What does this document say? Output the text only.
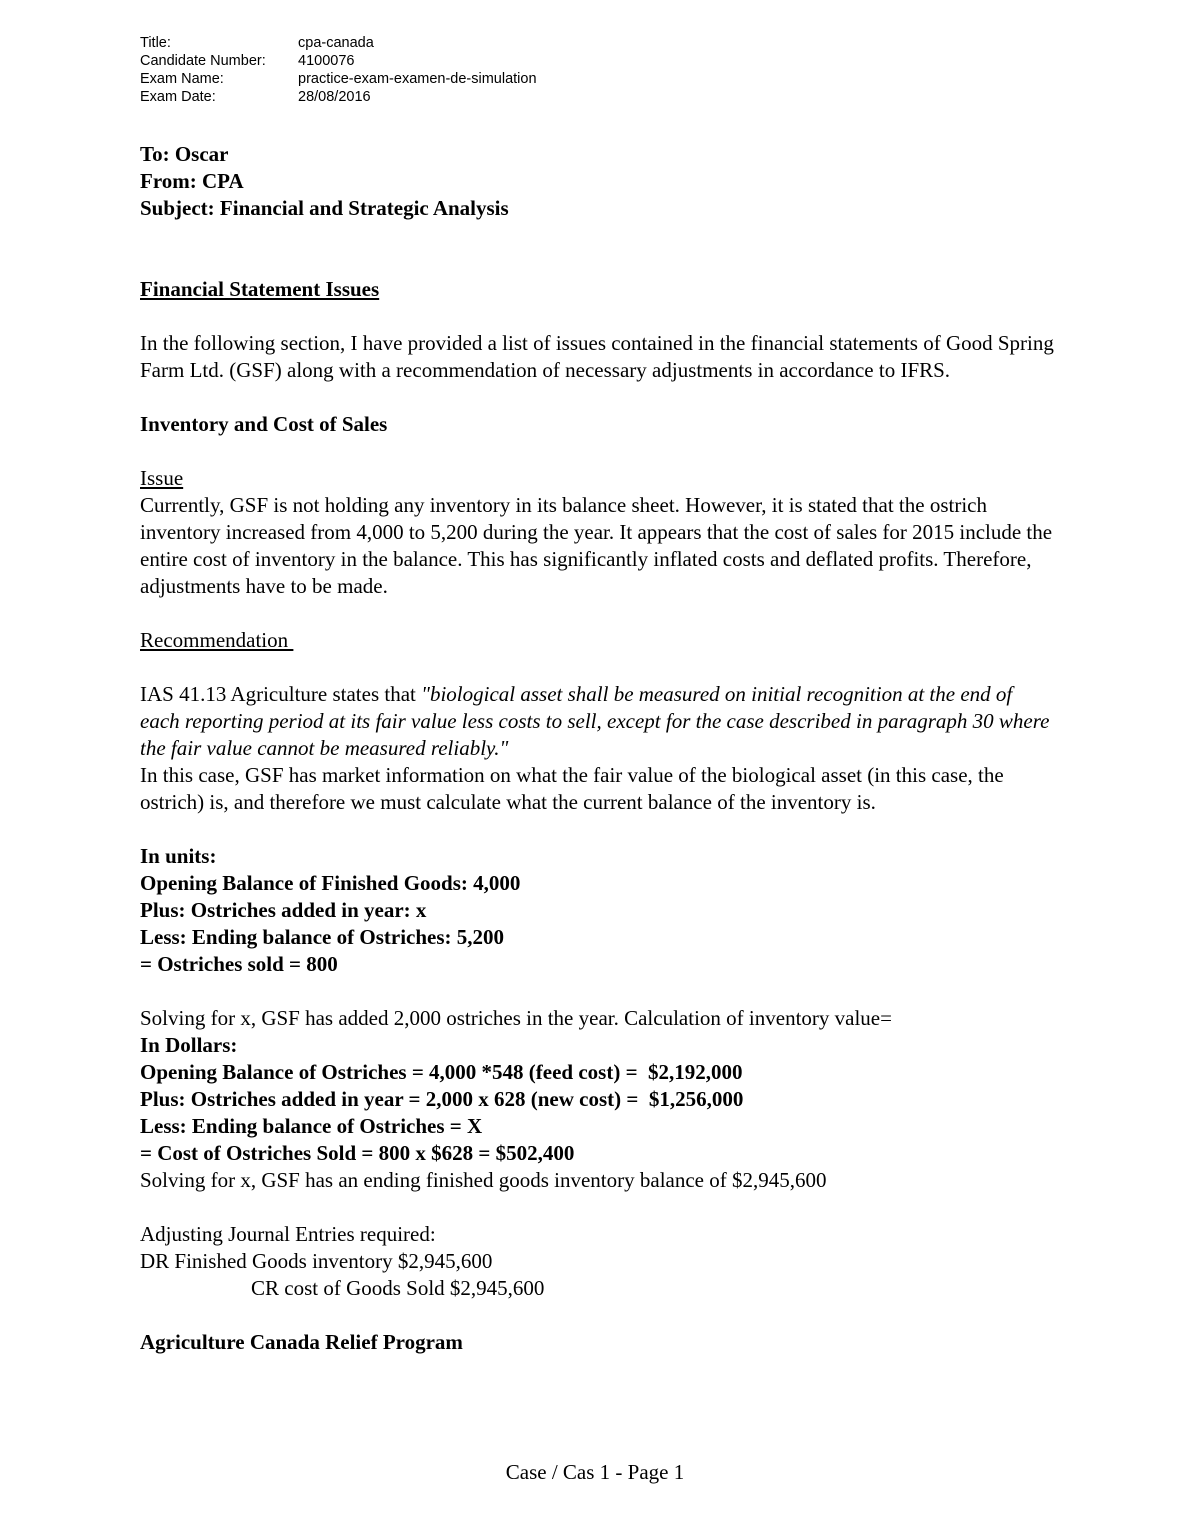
Title:	cpa-canada
Candidate Number:	4100076
Exam Name:	practice-exam-examen-de-simulation
Exam Date:	28/08/2016

To: Oscar

From: CPA

Subject: Financial and Strategic Analysis

Financial Statement Issues

In the following section, I have provided a list of issues contained in the financial statements of Good Spring Farm Ltd. (GSF) along with a recommendation of necessary adjustments in accordance to IFRS.

Inventory and Cost of Sales

Issue

Currently, GSF is not holding any inventory in its balance sheet. However, it is stated that the ostrich inventory increased from 4,000 to 5,200 during the year. It appears that the cost of sales for 2015 include the entire cost of inventory in the balance. This has significantly inflated costs and deflated profits. Therefore, adjustments have to be made.

Recommendation

IAS 41.13 Agriculture states that "biological asset shall be measured on initial recognition at the end of each reporting period at its fair value less costs to sell, except for the case described in paragraph 30 where the fair value cannot be measured reliably."

In this case, GSF has market information on what the fair value of the biological asset (in this case, the ostrich) is, and therefore we must calculate what the current balance of the inventory is.

In units:

Opening Balance of Finished Goods: 4,000

Plus: Ostriches added in year: x

Less: Ending balance of Ostriches: 5,200

= Ostriches sold = 800

Solving for x, GSF has added 2,000 ostriches in the year. Calculation of inventory value=

In Dollars:

Opening Balance of Ostriches = 4,000 *548 (feed cost) =  $2,192,000

Plus: Ostriches added in year = 2,000 x 628 (new cost) =  $1,256,000

Less: Ending balance of Ostriches = X

= Cost of Ostriches Sold = 800 x $628 = $502,400

Solving for x, GSF has an ending finished goods inventory balance of $2,945,600

Adjusting Journal Entries required:

DR Finished Goods inventory $2,945,600

CR cost of Goods Sold $2,945,600

Agriculture Canada Relief Program

Case / Cas 1 - Page 1
